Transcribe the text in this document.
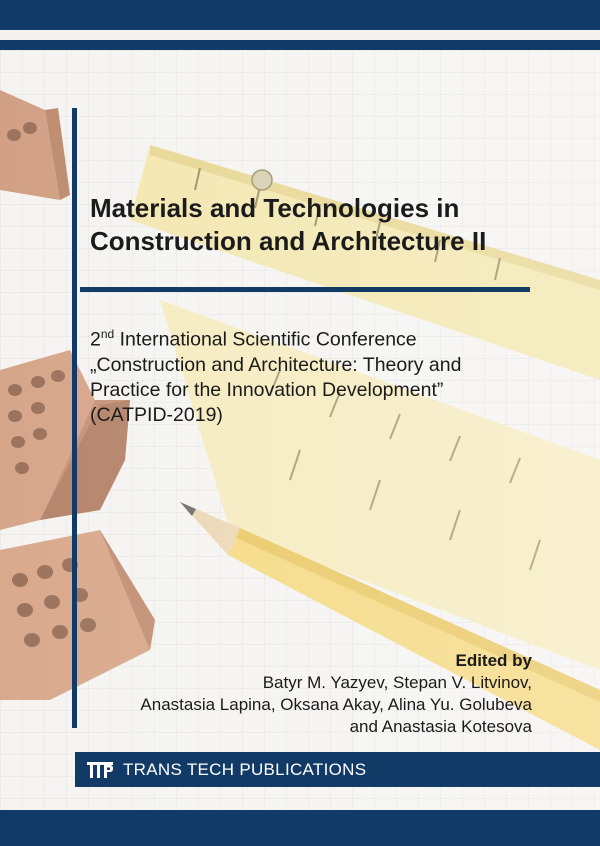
Materials and Technologies in
Construction and Architecture II
2nd International Scientific Conference
„Construction and Architecture: Theory and
Practice for the Innovation Development”
(CATPID-2019)
Edited by
Batyr M. Yazyev, Stepan V. Litvinov,
Anastasia Lapina, Oksana Akay, Alina Yu. Golubeva
and Anastasia Kotesova
TRANS TECH PUBLICATIONS
